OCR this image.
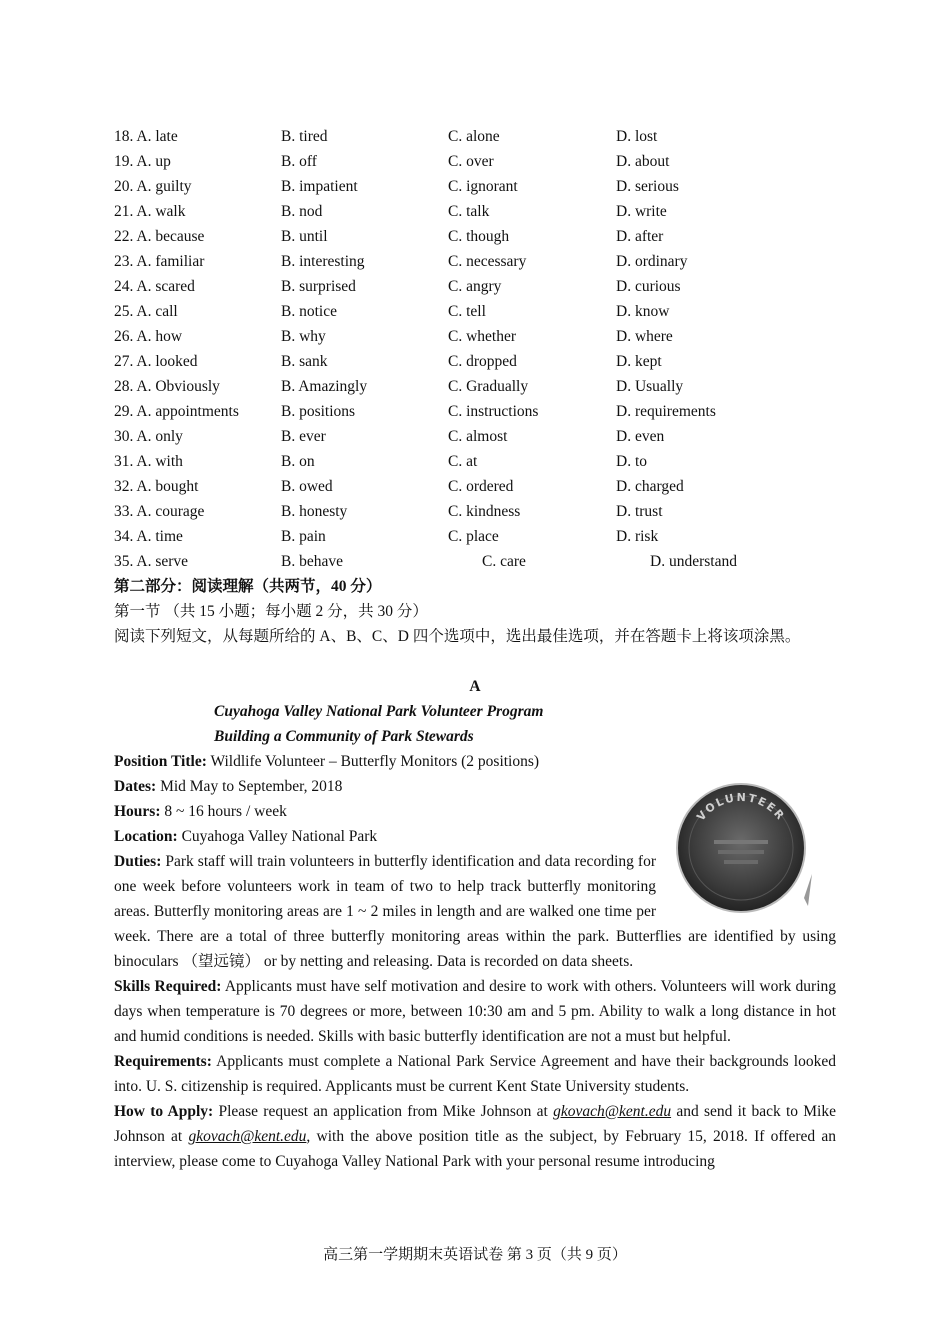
18. A. late	B. tired	C. alone	D. lost
19. A. up	B. off	C. over	D. about
20. A. guilty	B. impatient	C. ignorant	D. serious
21. A. walk	B. nod	C. talk	D. write
22. A. because	B. until	C. though	D. after
23. A. familiar	B. interesting	C. necessary	D. ordinary
24. A. scared	B. surprised	C. angry	D. curious
25. A. call	B. notice	C. tell	D. know
26. A. how	B. why	C. whether	D. where
27. A. looked	B. sank	C. dropped	D. kept
28. A. Obviously	B. Amazingly	C. Gradually	D. Usually
29. A. appointments	B. positions	C. instructions	D. requirements
30. A. only	B. ever	C. almost	D. even
31. A. with	B. on	C. at	D. to
32. A. bought	B. owed	C. ordered	D. charged
33. A. courage	B. honesty	C. kindness	D. trust
34. A. time	B. pain	C. place	D. risk
35. A. serve	B. behave	C. care	D. understand
第二部分：阅读理解（共两节，40 分）
第一节 （共 15 小题；每小题 2 分，共 30 分）
阅读下列短文，从每题所给的 A、B、C、D 四个选项中，选出最佳选项，并在答题卡上将该项涂黑。
A
Cuyahoga Valley National Park Volunteer Program
Building a Community of Park Stewards
Position Title: Wildlife Volunteer – Butterfly Monitors (2 positions)
VOLUNTEER
Dates: Mid May to September, 2018
Hours: 8 ~ 16 hours / week
Location: Cuyahoga Valley National Park
Duties: Park staff will train volunteers in butterfly identification and data recording for one week before volunteers work in team of two to help track butterfly monitoring areas. Butterfly monitoring areas are 1 ~ 2 miles in length and are walked one time per week. There are a total of three butterfly monitoring areas within the park. Butterflies are identified by using binoculars （望远镜） or by netting and releasing. Data is recorded on data sheets.
Skills Required: Applicants must have self motivation and desire to work with others. Volunteers will work during days when temperature is 70 degrees or more, between 10:30 am and 5 pm. Ability to walk a long distance in hot and humid conditions is needed. Skills with basic butterfly identification are not a must but helpful.
Requirements: Applicants must complete a National Park Service Agreement and have their backgrounds looked into. U. S. citizenship is required. Applicants must be current Kent State University students.
How to Apply: Please request an application from Mike Johnson at gkovach@kent.edu and send it back to Mike Johnson at gkovach@kent.edu, with the above position title as the subject, by February 15, 2018. If offered an interview, please come to Cuyahoga Valley National Park with your personal resume introducing
高三第一学期期末英语试卷 第 3 页（共 9 页）
